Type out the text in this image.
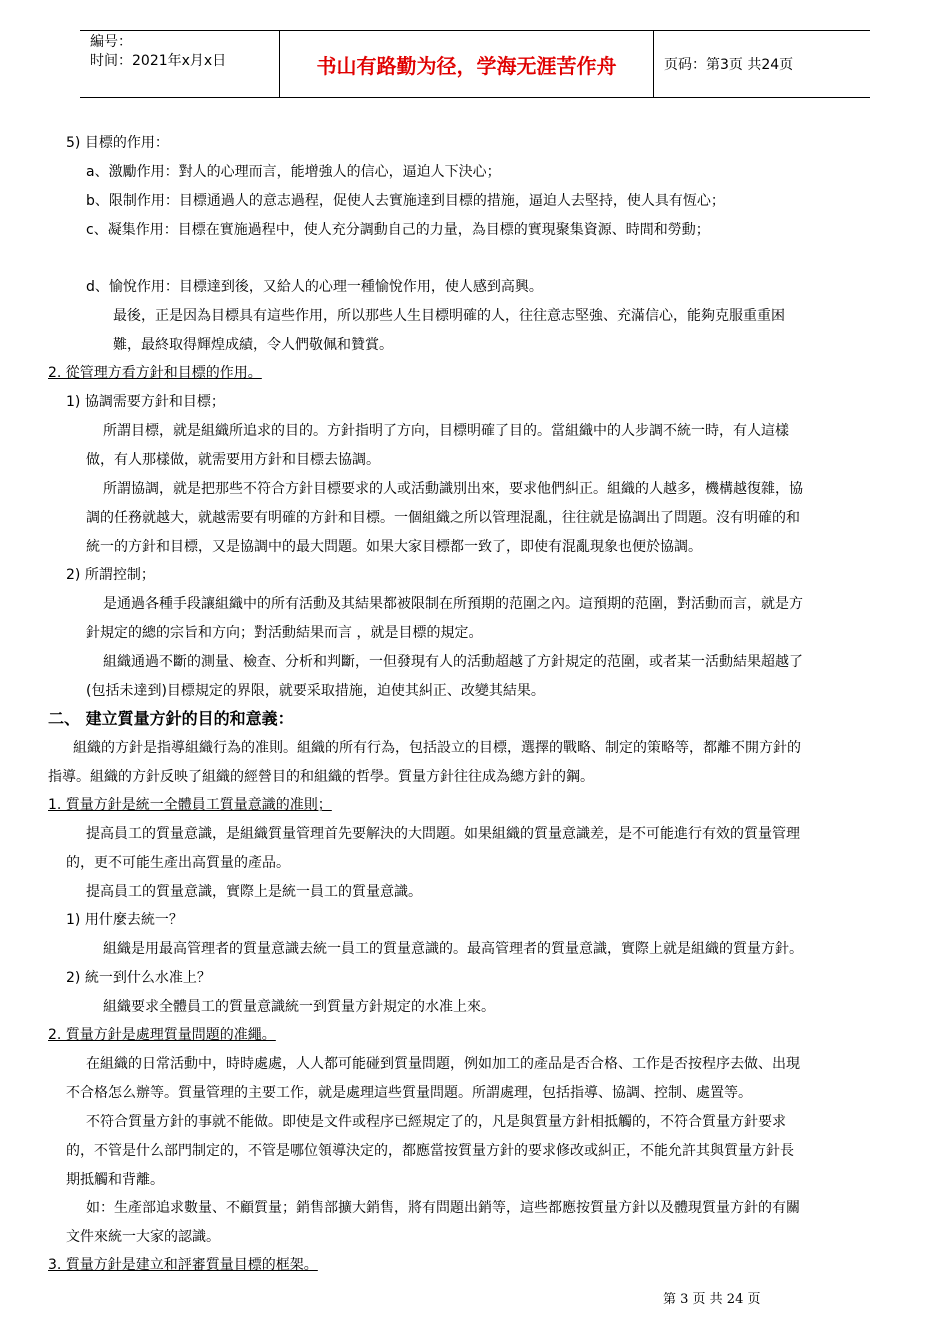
編号：
时间：2021年x月x日	书山有路勤为径，学海无涯苦作舟	页码：第3页 共24页
5) 目標的作用：
a、激勵作用：對人的心理而言，能增強人的信心，逼迫人下決心；
b、限制作用：目標通過人的意志過程，促使人去實施達到目標的措施，逼迫人去堅持，使人具有恆心；
c、凝集作用：目標在實施過程中，使人充分調動自己的力量，為目標的實現聚集資源、時間和勞動；
d、愉悅作用：目標達到後，又給人的心理一種愉悅作用，使人感到高興。
最後，正是因為目標具有這些作用，所以那些人生目標明確的人，往往意志堅強、充滿信心，能夠克服重重困
難，最終取得輝煌成績，令人們敬佩和贊賞。
2. 從管理方看方針和目標的作用。
1) 協調需要方針和目標；
所謂目標，就是組織所追求的目的。方針指明了方向，目標明確了目的。當組織中的人步調不統一時，有人這樣
做，有人那樣做，就需要用方針和目標去協調。
所謂協調，就是把那些不符合方針目標要求的人或活動識別出來，要求他們糾正。組織的人越多，機構越復雜，協
調的任務就越大，就越需要有明確的方針和目標。一個組織之所以管理混亂，往往就是協調出了問題。沒有明確的和
統一的方針和目標，又是協調中的最大問題。如果大家目標都一致了，即使有混亂現象也便於協調。
2) 所謂控制；
是通過各種手段讓組織中的所有活動及其結果都被限制在所預期的范圍之內。這預期的范圍，對活動而言，就是方
針規定的總的宗旨和方向；對活動結果而言 ，就是目標的規定。
組織通過不斷的測量、檢查、分析和判斷，一但發現有人的活動超越了方針規定的范圍，或者某一活動結果超越了
(包括未達到)目標規定的界限，就要采取措施，迫使其糾正、改變其結果。
二、 建立質量方針的目的和意義：
組織的方針是指導組織行為的准則。組織的所有行為，包括設立的目標，選擇的戰略、制定的策略等，都離不開方針的
指導。組織的方針反映了組織的經營目的和組織的哲學。質量方針往往成為總方針的鋼。
1. 質量方針是統一全體員工質量意識的准則；
提高員工的質量意識，是組織質量管理首先要解決的大問題。如果組織的質量意識差，是不可能進行有效的質量管理
的，更不可能生產出高質量的產品。
提高員工的質量意識，實際上是統一員工的質量意識。
1) 用什麼去統一？
組織是用最高管理者的質量意識去統一員工的質量意識的。最高管理者的質量意識，實際上就是組織的質量方針。
2) 統一到什么水准上？
組織要求全體員工的質量意識統一到質量方針規定的水准上來。
2. 質量方針是處理質量問題的准繩。
在組織的日常活動中，時時處處，人人都可能碰到質量問題，例如加工的產品是否合格、工作是否按程序去做、出現
不合格怎么辦等。質量管理的主要工作，就是處理這些質量問題。所謂處理，包括指導、協調、控制、處置等。
不符合質量方針的事就不能做。即使是文件或程序已經規定了的，凡是與質量方針相抵觸的，不符合質量方針要求
的，不管是什么部門制定的，不管是哪位領導決定的，都應當按質量方針的要求修改或糾正，不能允許其與質量方針長
期抵觸和背離。
如：生產部追求數量、不顧質量；銷售部擴大銷售，將有問題出銷等，這些都應按質量方針以及體現質量方針的有關
文件來統一大家的認識。
3. 質量方針是建立和評審質量目標的框架。
第 3 页 共 24 页
